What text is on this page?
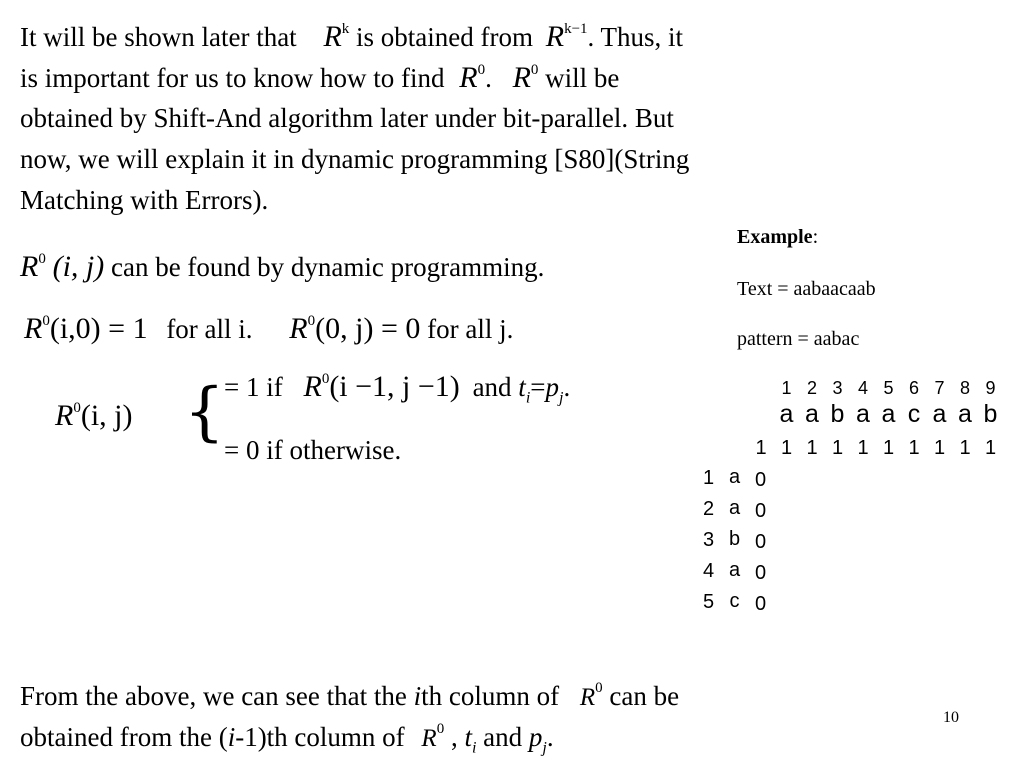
It will be shown later that $R^k$ is obtained from $R^{k-1}$. Thus, it
is important for us to know how to find $R^0$. $R^0$ will be
obtained by Shift-And algorithm later under bit-parallel. But
now, we will explain it in dynamic programming [S80](String
Matching with Errors).
$R^0$ (i, j) can be found by dynamic programming.
$R^0(i,0) = 1$ for all i. $R^0(0$, j) = 0 for all j.
$R^0(i$, j) { = 1 if $R^0(i -1$, j −1) and $t_i=p_j$.
= 0 if otherwise.
Example:
Text = aabaacaab
pattern = aabac
1 2 3 4 5 6 7 8 9
a a b a a c a a b
1 1 1 1 1 1 1 1 1 1
1
2
3
4
5
a
a
b
a
c
0
0
0
0
0
From the above, we can see that the ith column of $R^0$ can be
obtained from the (i-1)th column of $R^0$ , $t_i$ and $p_j$.
10
